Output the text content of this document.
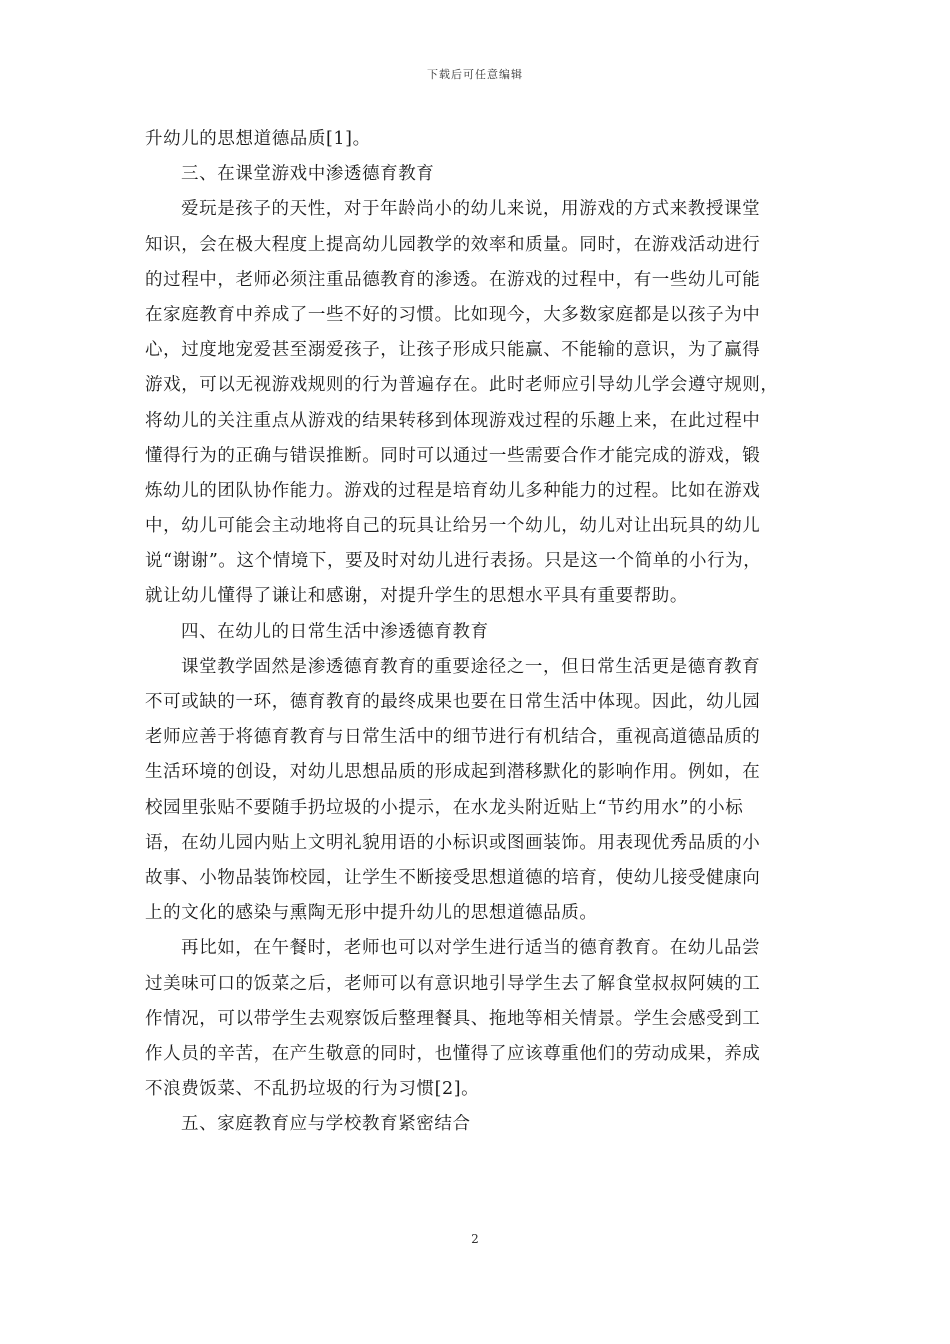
下载后可任意编辑
升幼儿的思想道德品质[1]。
三、在课堂游戏中渗透德育教育
爱玩是孩子的天性，对于年龄尚小的幼儿来说，用游戏的方式来教授课堂
知识，会在极大程度上提高幼儿园教学的效率和质量。同时，在游戏活动进行
的过程中，老师必须注重品德教育的渗透。在游戏的过程中，有一些幼儿可能
在家庭教育中养成了一些不好的习惯。比如现今，大多数家庭都是以孩子为中
心，过度地宠爱甚至溺爱孩子，让孩子形成只能赢、不能输的意识，为了赢得
游戏，可以无视游戏规则的行为普遍存在。此时老师应引导幼儿学会遵守规则，
将幼儿的关注重点从游戏的结果转移到体现游戏过程的乐趣上来，在此过程中
懂得行为的正确与错误推断。同时可以通过一些需要合作才能完成的游戏，锻
炼幼儿的团队协作能力。游戏的过程是培育幼儿多种能力的过程。比如在游戏
中，幼儿可能会主动地将自己的玩具让给另一个幼儿，幼儿对让出玩具的幼儿
说“谢谢”。这个情境下，要及时对幼儿进行表扬。只是这一个简单的小行为，
就让幼儿懂得了谦让和感谢，对提升学生的思想水平具有重要帮助。
四、在幼儿的日常生活中渗透德育教育
课堂教学固然是渗透德育教育的重要途径之一，但日常生活更是德育教育
不可或缺的一环，德育教育的最终成果也要在日常生活中体现。因此，幼儿园
老师应善于将德育教育与日常生活中的细节进行有机结合，重视高道德品质的
生活环境的创设，对幼儿思想品质的形成起到潜移默化的影响作用。例如，在
校园里张贴不要随手扔垃圾的小提示，在水龙头附近贴上“节约用水”的小标
语，在幼儿园内贴上文明礼貌用语的小标识或图画装饰。用表现优秀品质的小
故事、小物品装饰校园，让学生不断接受思想道德的培育，使幼儿接受健康向
上的文化的感染与熏陶无形中提升幼儿的思想道德品质。
再比如，在午餐时，老师也可以对学生进行适当的德育教育。在幼儿品尝
过美味可口的饭菜之后，老师可以有意识地引导学生去了解食堂叔叔阿姨的工
作情况，可以带学生去观察饭后整理餐具、拖地等相关情景。学生会感受到工
作人员的辛苦，在产生敬意的同时，也懂得了应该尊重他们的劳动成果，养成
不浪费饭菜、不乱扔垃圾的行为习惯[2]。
五、家庭教育应与学校教育紧密结合
2
